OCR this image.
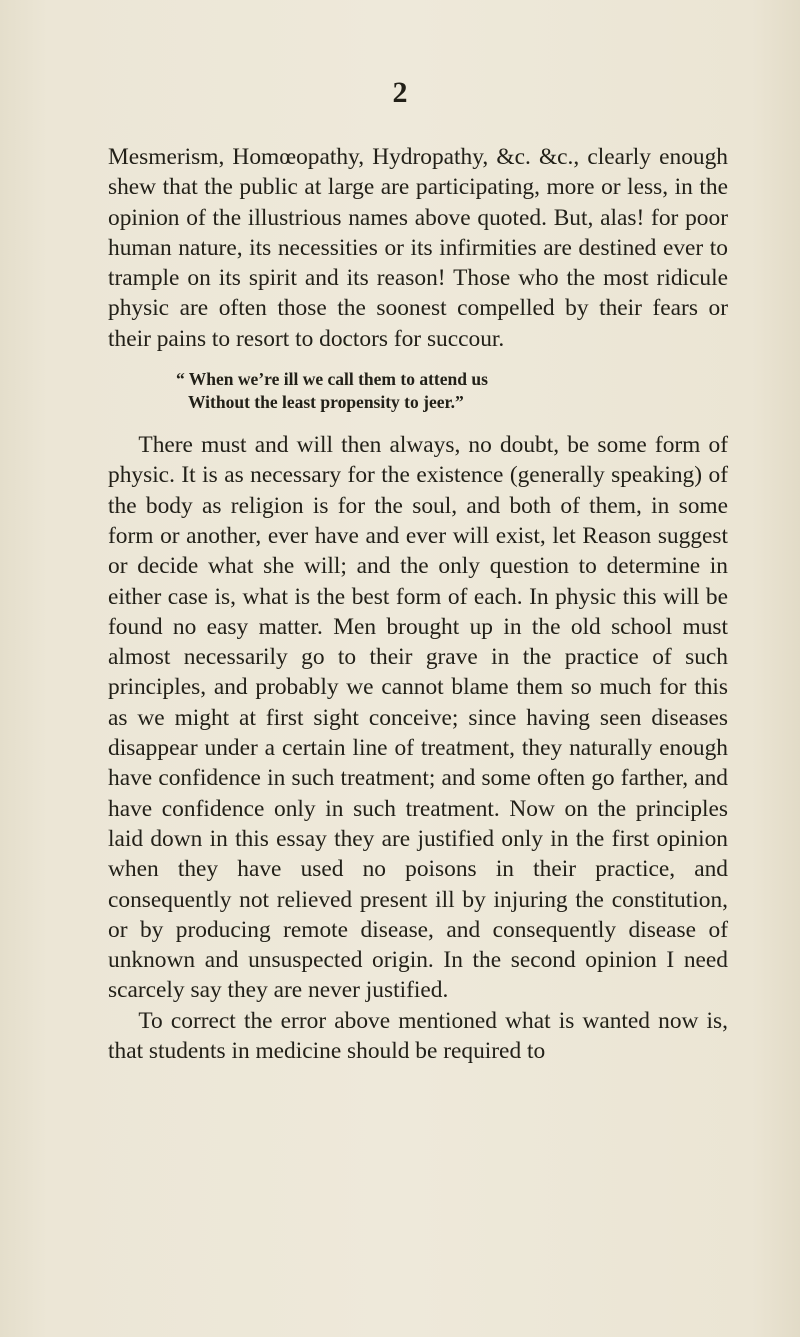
2

Mesmerism, Homœopathy, Hydropathy, &c. &c., clearly enough shew that the public at large are participating, more or less, in the opinion of the illustrious names above quoted. But, alas! for poor human nature, its necessities or its infirmities are destined ever to trample on its spirit and its reason! Those who the most ridicule physic are often those the soonest compelled by their fears or their pains to resort to doctors for succour.

“ When we’re ill we call them to attend us
Without the least propensity to jeer.”

There must and will then always, no doubt, be some form of physic. It is as necessary for the existence (generally speaking) of the body as religion is for the soul, and both of them, in some form or another, ever have and ever will exist, let Reason suggest or decide what she will; and the only question to determine in either case is, what is the best form of each. In physic this will be found no easy matter. Men brought up in the old school must almost necessarily go to their grave in the practice of such principles, and probably we cannot blame them so much for this as we might at first sight conceive; since having seen diseases disappear under a certain line of treatment, they naturally enough have confidence in such treatment; and some often go farther, and have confidence only in such treatment. Now on the principles laid down in this essay they are justified only in the first opinion when they have used no poisons in their practice, and consequently not relieved present ill by injuring the constitution, or by producing remote disease, and consequently disease of unknown and unsuspected origin. In the second opinion I need scarcely say they are never justified.

To correct the error above mentioned what is wanted now is, that students in medicine should be required to
